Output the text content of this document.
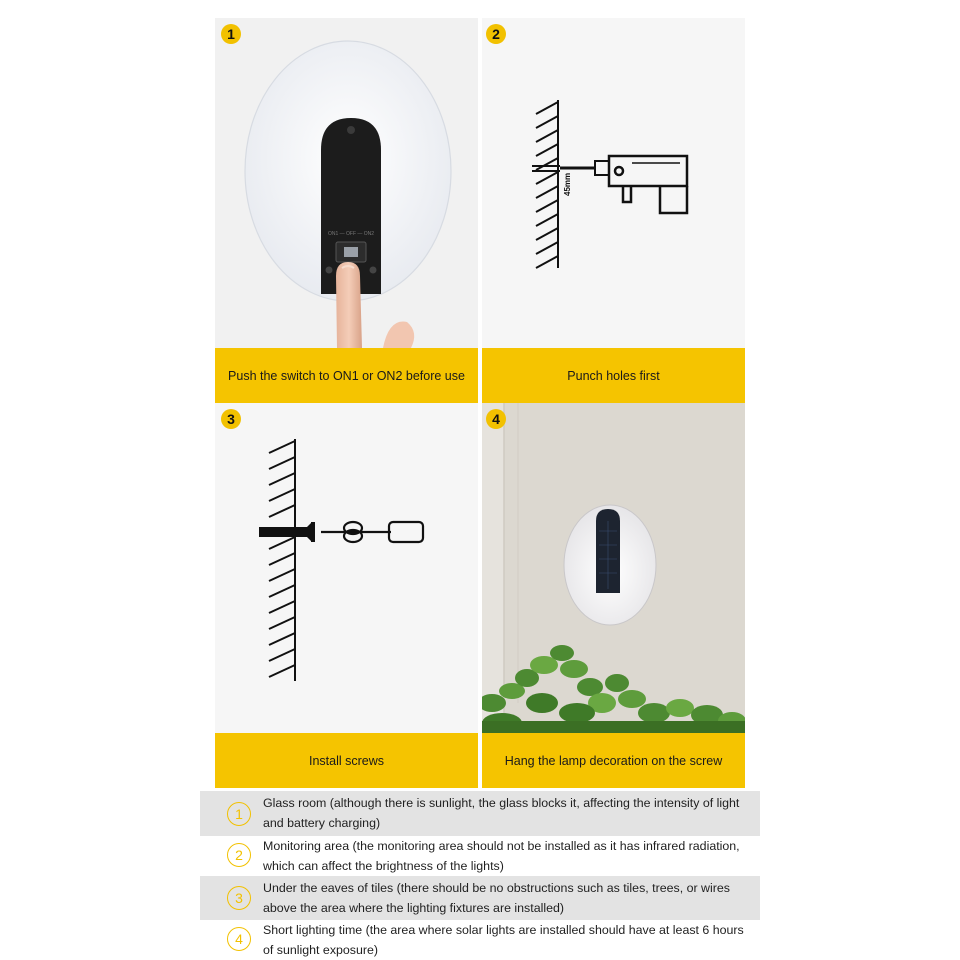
ON1 — OFF — ON2
1
Push the switch to ON1 or ON2 before use
45mm
2
Punch holes first
3
Install screws
4
Hang the lamp decoration on the screw
1
Glass room (although there is sunlight, the glass blocks it, affecting the intensity of light and battery charging)
2
Monitoring area (the monitoring area should not be installed as it has infrared radiation, which can affect the brightness of the lights)
3
Under the eaves of tiles (there should be no obstructions such as tiles, trees, or wires above the area where the lighting fixtures are installed)
4
Short lighting time (the area where solar lights are installed should have at least 6 hours of sunlight exposure)
